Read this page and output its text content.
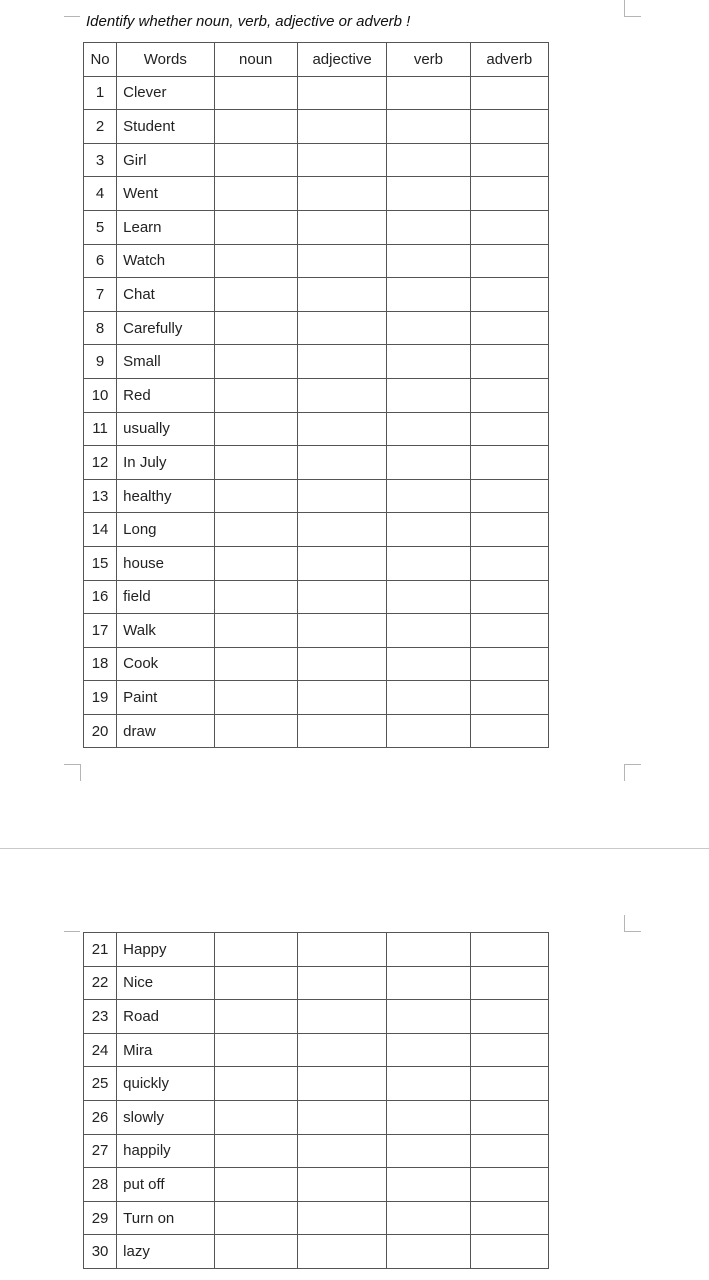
Identify whether noun, verb, adjective or adverb !
No	Words	noun	adjective	verb	adverb
1	Clever				
2	Student				
3	Girl				
4	Went				
5	Learn				
6	Watch				
7	Chat				
8	Carefully				
9	Small				
10	Red				
11	usually				
12	In July				
13	healthy				
14	Long				
15	house				
16	field				
17	Walk				
18	Cook				
19	Paint				
20	draw				
21	Happy				
22	Nice				
23	Road				
24	Mira				
25	quickly				
26	slowly				
27	happily				
28	put off				
29	Turn on				
30	lazy				
